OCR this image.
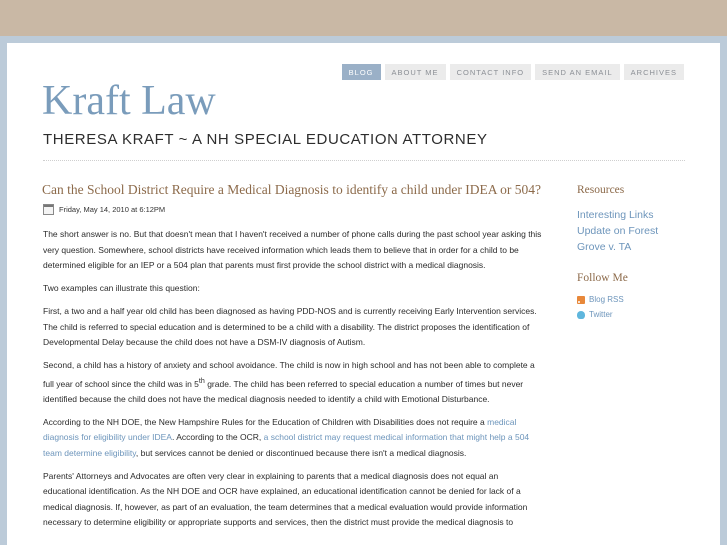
BLOG	ABOUT ME	CONTACT INFO	SEND AN EMAIL	ARCHIVES
Kraft Law
THERESA KRAFT ~ A NH SPECIAL EDUCATION ATTORNEY
Can the School District Require a Medical Diagnosis to identify a child under IDEA or 504?
Friday, May 14, 2010 at 6:12PM

The short answer is no. But that doesn't mean that I haven't received a number of phone calls during the past school year asking this very question. Somewhere, school districts have received information which leads them to believe that in order for a child to be determined eligible for an IEP or a 504 plan that parents must first provide the school district with a medical diagnosis.

Two examples can illustrate this question:

First, a two and a half year old child has been diagnosed as having PDD-NOS and is currently receiving Early Intervention services. The child is referred to special education and is determined to be a child with a disability. The district proposes the identification of Developmental Delay because the child does not have a DSM-IV diagnosis of Autism.

Second, a child has a history of anxiety and school avoidance. The child is now in high school and has not been able to complete a full year of school since the child was in 5th grade. The child has been referred to special education a number of times but never identified because the child does not have the medical diagnosis needed to identify a child with Emotional Disturbance.

According to the NH DOE, the New Hampshire Rules for the Education of Children with Disabilities does not require a medical diagnosis for eligibility under IDEA. According to the OCR, a school district may request medical information that might help a 504 team determine eligibility, but services cannot be denied or discontinued because there isn't a medical diagnosis.

Parents' Attorneys and Advocates are often very clear in explaining to parents that a medical diagnosis does not equal an educational identification. As the NH DOE and OCR have explained, an educational identification cannot be denied for lack of a medical diagnosis. If, however, as part of an evaluation, the team determines that a medical evaluation would provide information necessary to determine eligibility or appropriate supports and services, then the district must provide the medical diagnosis to

Resources
Interesting Links
Update on Forest Grove v. TA
Follow Me
Blog RSS
Twitter
